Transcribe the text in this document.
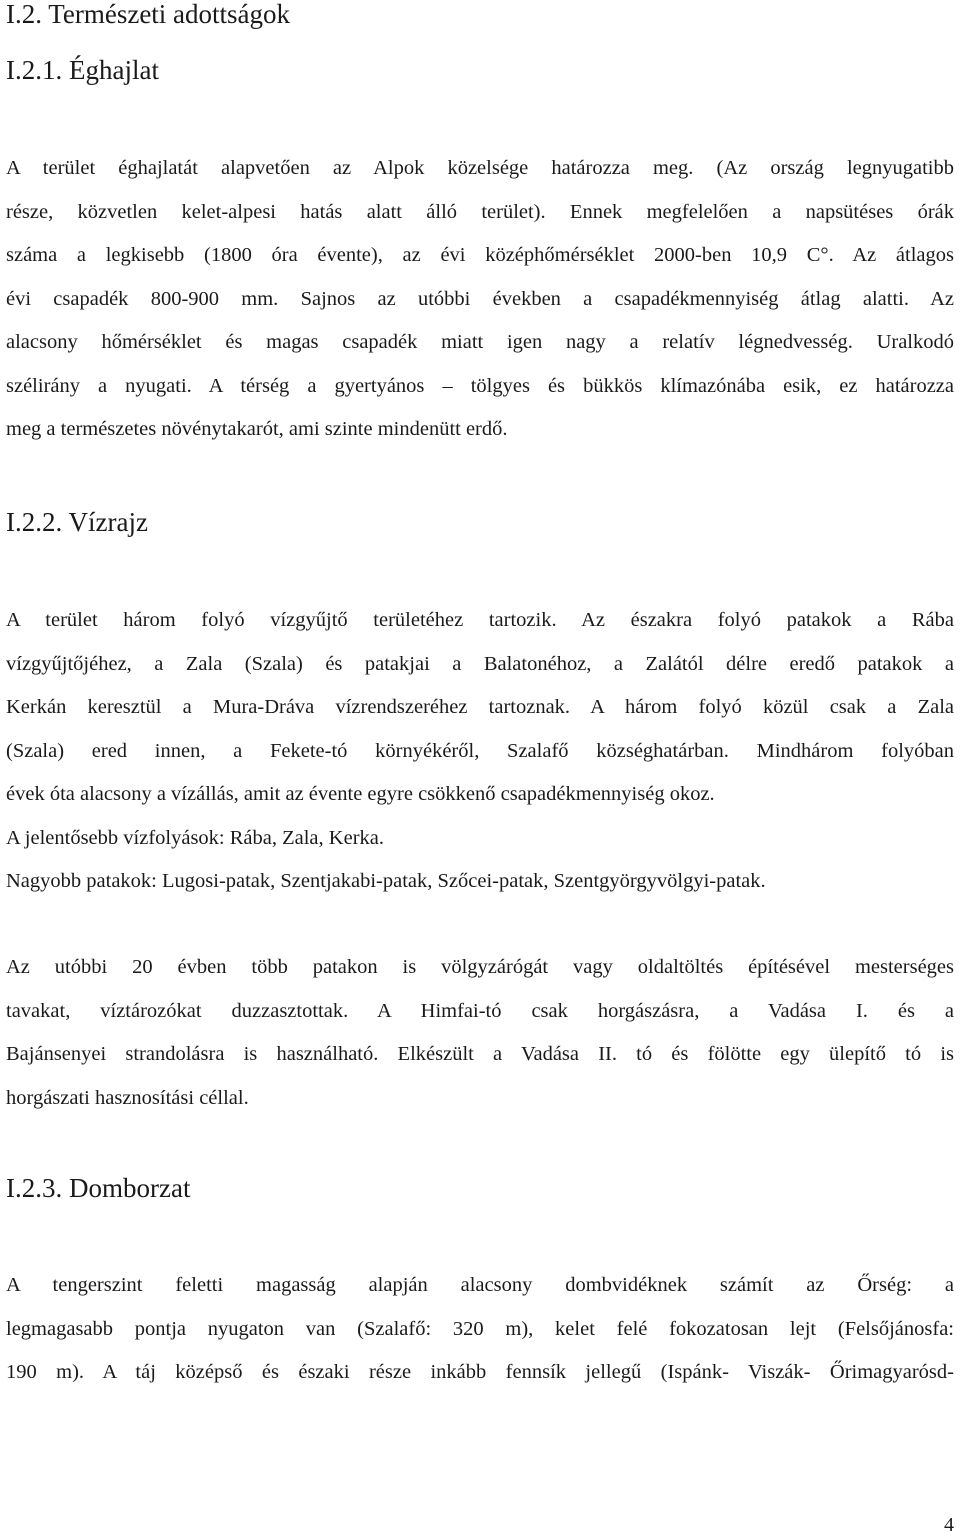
I.2. Természeti adottságok
I.2.1. Éghajlat
A terület éghajlatát alapvetően az Alpok közelsége határozza meg. (Az ország legnyugatibb
része, közvetlen kelet-alpesi hatás alatt álló terület). Ennek megfelelően a napsütéses órák
száma a legkisebb (1800 óra évente), az évi középhőmérséklet 2000-ben 10,9 C°. Az átlagos
évi csapadék 800-900 mm. Sajnos az utóbbi években a csapadékmennyiség átlag alatti. Az
alacsony hőmérséklet és magas csapadék miatt igen nagy a relatív légnedvesség. Uralkodó
szélirány a nyugati. A térség a gyertyános – tölgyes és bükkös klímazónába esik, ez határozza
meg a természetes növénytakarót, ami szinte mindenütt erdő.
I.2.2. Vízrajz
A terület három folyó vízgyűjtő területéhez tartozik. Az északra folyó patakok a Rába
vízgyűjtőjéhez, a Zala (Szala) és patakjai a Balatonéhoz, a Zalától délre eredő patakok a
Kerkán keresztül a Mura-Dráva vízrendszeréhez tartoznak. A három folyó közül csak a Zala
(Szala) ered innen, a Fekete-tó környékéről, Szalafő községhatárban. Mindhárom folyóban
évek óta alacsony a vízállás, amit az évente egyre csökkenő csapadékmennyiség okoz.
A jelentősebb vízfolyások: Rába, Zala, Kerka.
Nagyobb patakok: Lugosi-patak, Szentjakabi-patak, Szőcei-patak, Szentgyörgyvölgyi-patak.
Az utóbbi 20 évben több patakon is völgyzárógát vagy oldaltöltés építésével mesterséges
tavakat, víztározókat duzzasztottak. A Himfai-tó csak horgászásra, a Vadása I. és a
Bajánsenyei strandolásra is használható. Elkészült a Vadása II. tó és fölötte egy ülepítő tó is
horgászati hasznosítási céllal.
I.2.3. Domborzat
A tengerszint feletti magasság alapján alacsony dombvidéknek számít az Őrség: a
legmagasabb pontja nyugaton van (Szalafő: 320 m), kelet felé fokozatosan lejt (Felsőjánosfa:
190 m). A táj középső és északi része inkább fennsík jellegű (Ispánk- Viszák- Őrimagyarósd-
4
